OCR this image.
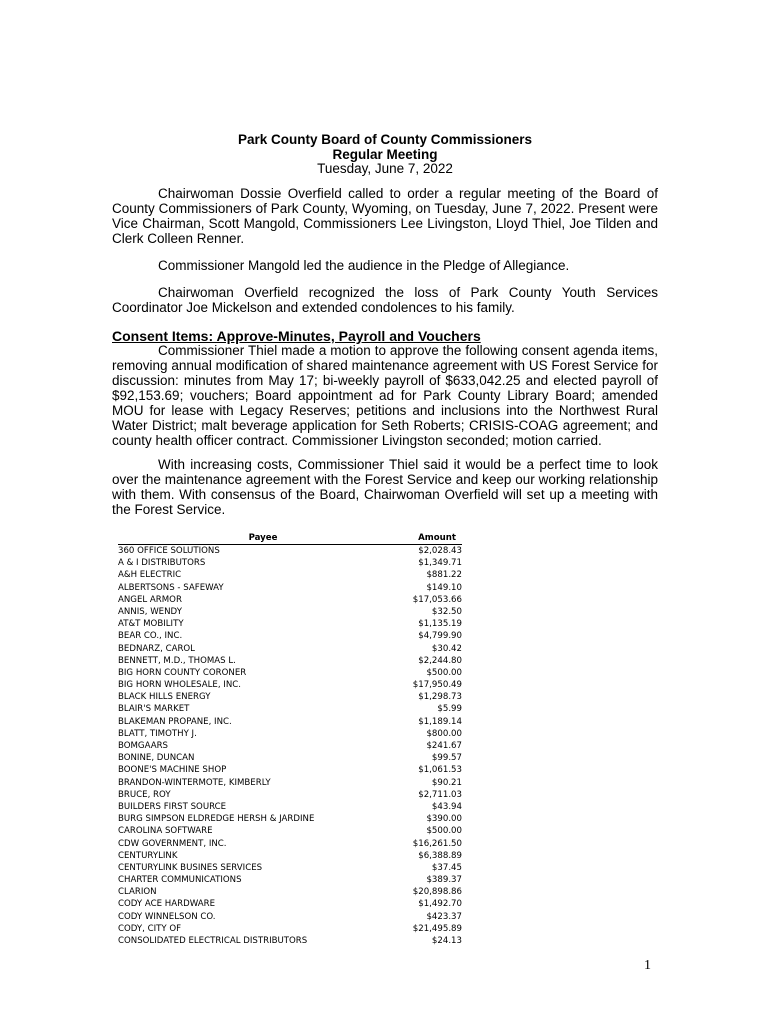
Park County Board of County Commissioners
Regular Meeting
Tuesday, June 7, 2022

Chairwoman Dossie Overfield called to order a regular meeting of the Board of County Commissioners of Park County, Wyoming, on Tuesday, June 7, 2022. Present were Vice Chairman, Scott Mangold, Commissioners Lee Livingston, Lloyd Thiel, Joe Tilden and Clerk Colleen Renner.

Commissioner Mangold led the audience in the Pledge of Allegiance.

Chairwoman Overfield recognized the loss of Park County Youth Services Coordinator Joe Mickelson and extended condolences to his family.

Consent Items: Approve-Minutes, Payroll and Vouchers

Commissioner Thiel made a motion to approve the following consent agenda items, removing annual modification of shared maintenance agreement with US Forest Service for discussion: minutes from May 17; bi-weekly payroll of $633,042.25 and elected payroll of $92,153.69; vouchers; Board appointment ad for Park County Library Board; amended MOU for lease with Legacy Reserves; petitions and inclusions into the Northwest Rural Water District; malt beverage application for Seth Roberts; CRISIS-COAG agreement; and county health officer contract. Commissioner Livingston seconded; motion carried.

With increasing costs, Commissioner Thiel said it would be a perfect time to look over the maintenance agreement with the Forest Service and keep our working relationship with them. With consensus of the Board, Chairwoman Overfield will set up a meeting with the Forest Service.

Payee	Amount
360 OFFICE SOLUTIONS	$2,028.43
A & I DISTRIBUTORS	$1,349.71
A&H ELECTRIC	$881.22
ALBERTSONS - SAFEWAY	$149.10
ANGEL ARMOR	$17,053.66
ANNIS, WENDY	$32.50
AT&T MOBILITY	$1,135.19
BEAR CO., INC.	$4,799.90
BEDNARZ, CAROL	$30.42
BENNETT, M.D., THOMAS L.	$2,244.80
BIG HORN COUNTY CORONER	$500.00
BIG HORN WHOLESALE, INC.	$17,950.49
BLACK HILLS ENERGY	$1,298.73
BLAIR'S MARKET	$5.99
BLAKEMAN PROPANE, INC.	$1,189.14
BLATT, TIMOTHY J.	$800.00
BOMGAARS	$241.67
BONINE, DUNCAN	$99.57
BOONE'S MACHINE SHOP	$1,061.53
BRANDON-WINTERMOTE, KIMBERLY	$90.21
BRUCE, ROY	$2,711.03
BUILDERS FIRST SOURCE	$43.94
BURG SIMPSON ELDREDGE HERSH & JARDINE	$390.00
CAROLINA SOFTWARE	$500.00
CDW GOVERNMENT, INC.	$16,261.50
CENTURYLINK	$6,388.89
CENTURYLINK BUSINES SERVICES	$37.45
CHARTER COMMUNICATIONS	$389.37
CLARION	$20,898.86
CODY ACE HARDWARE	$1,492.70
CODY WINNELSON CO.	$423.37
CODY, CITY OF	$21,495.89
CONSOLIDATED ELECTRICAL DISTRIBUTORS	$24.13
1
